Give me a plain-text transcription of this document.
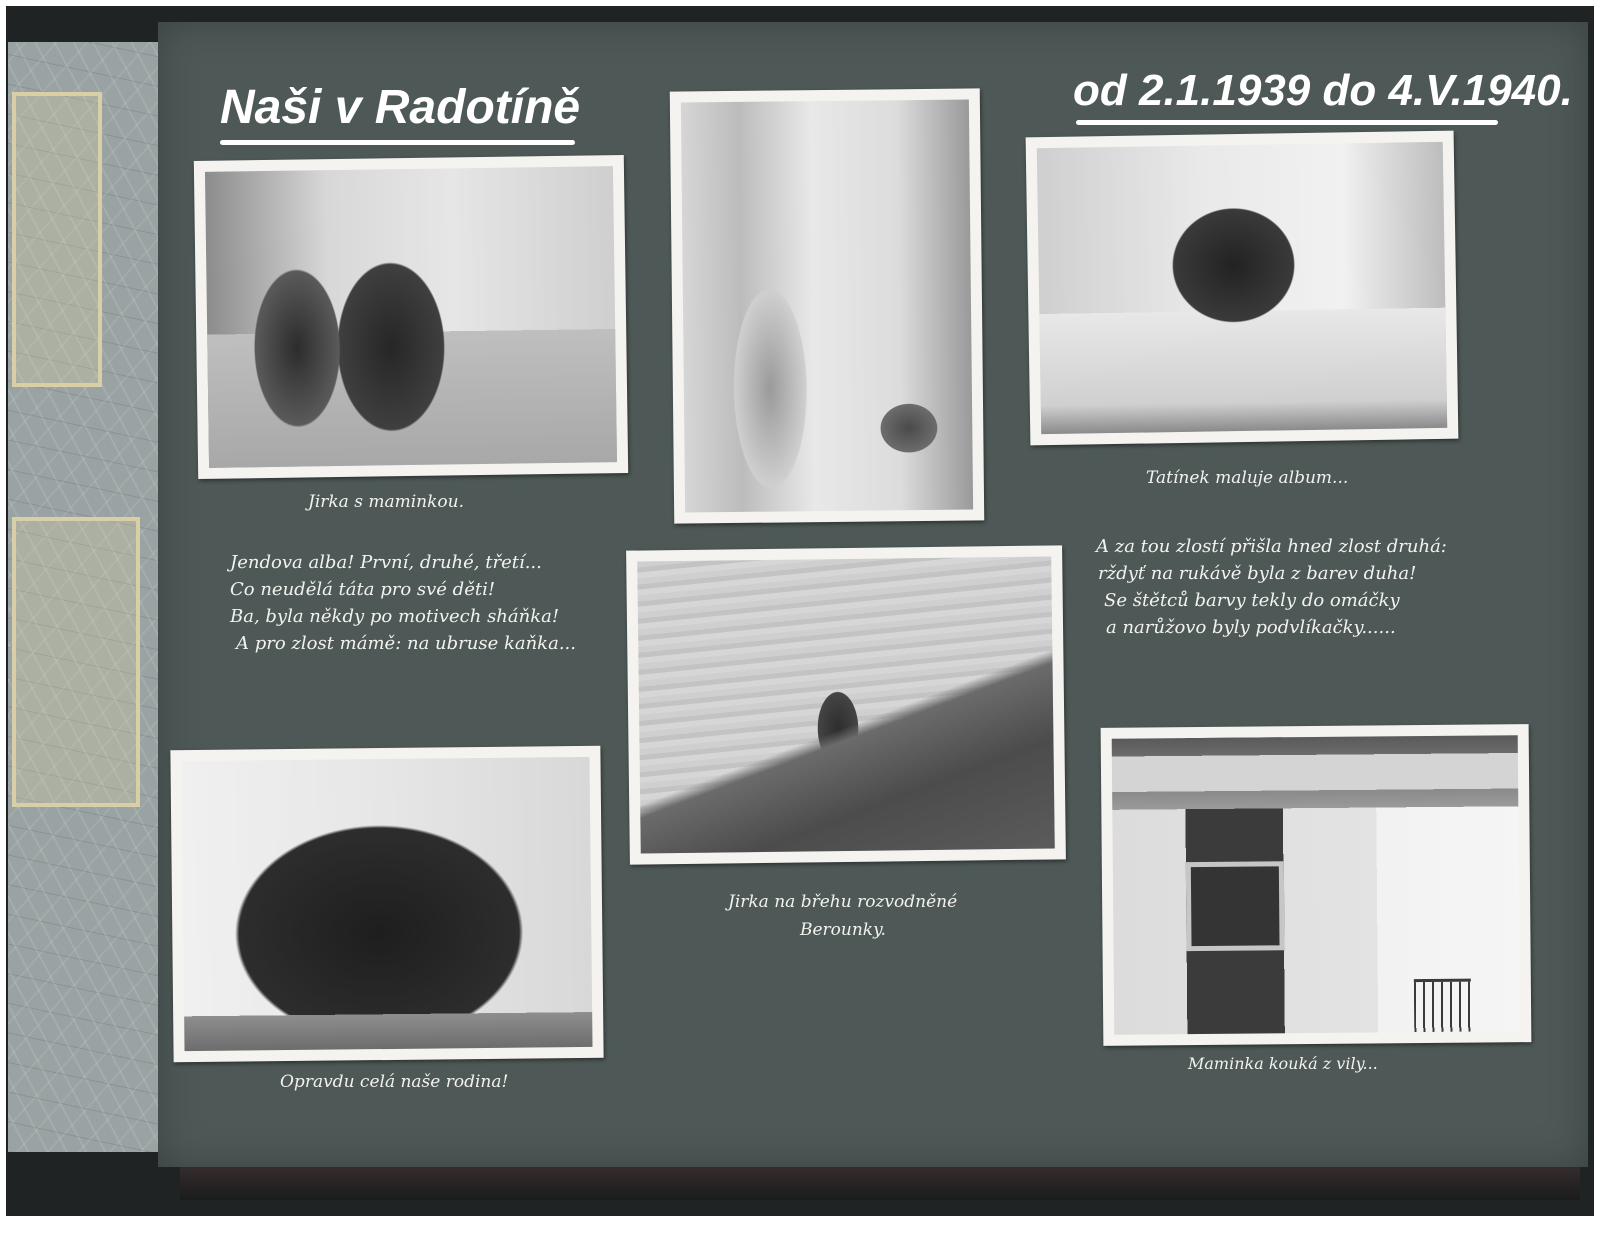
Naši v Radotíně	od 2.1.1939 do 4.V.1940.
Jirka s maminkou.
Tatínek maluje album...
Jendova alba! První, druhé, třetí...
Co neudělá táta pro své děti!
Ba, byla někdy po motivech sháňka!
A pro zlost mámě: na ubruse kaňka...
A za tou zlostí přišla hned zlost druhá:
rždyť na rukávě byla z barev duha!
Se štětců barvy tekly do omáčky
a narůžovo byly podvlíkačky......
Jirka na břehu rozvodněné
Berounky.
Opravdu celá naše rodina!
Maminka kouká z vily...
